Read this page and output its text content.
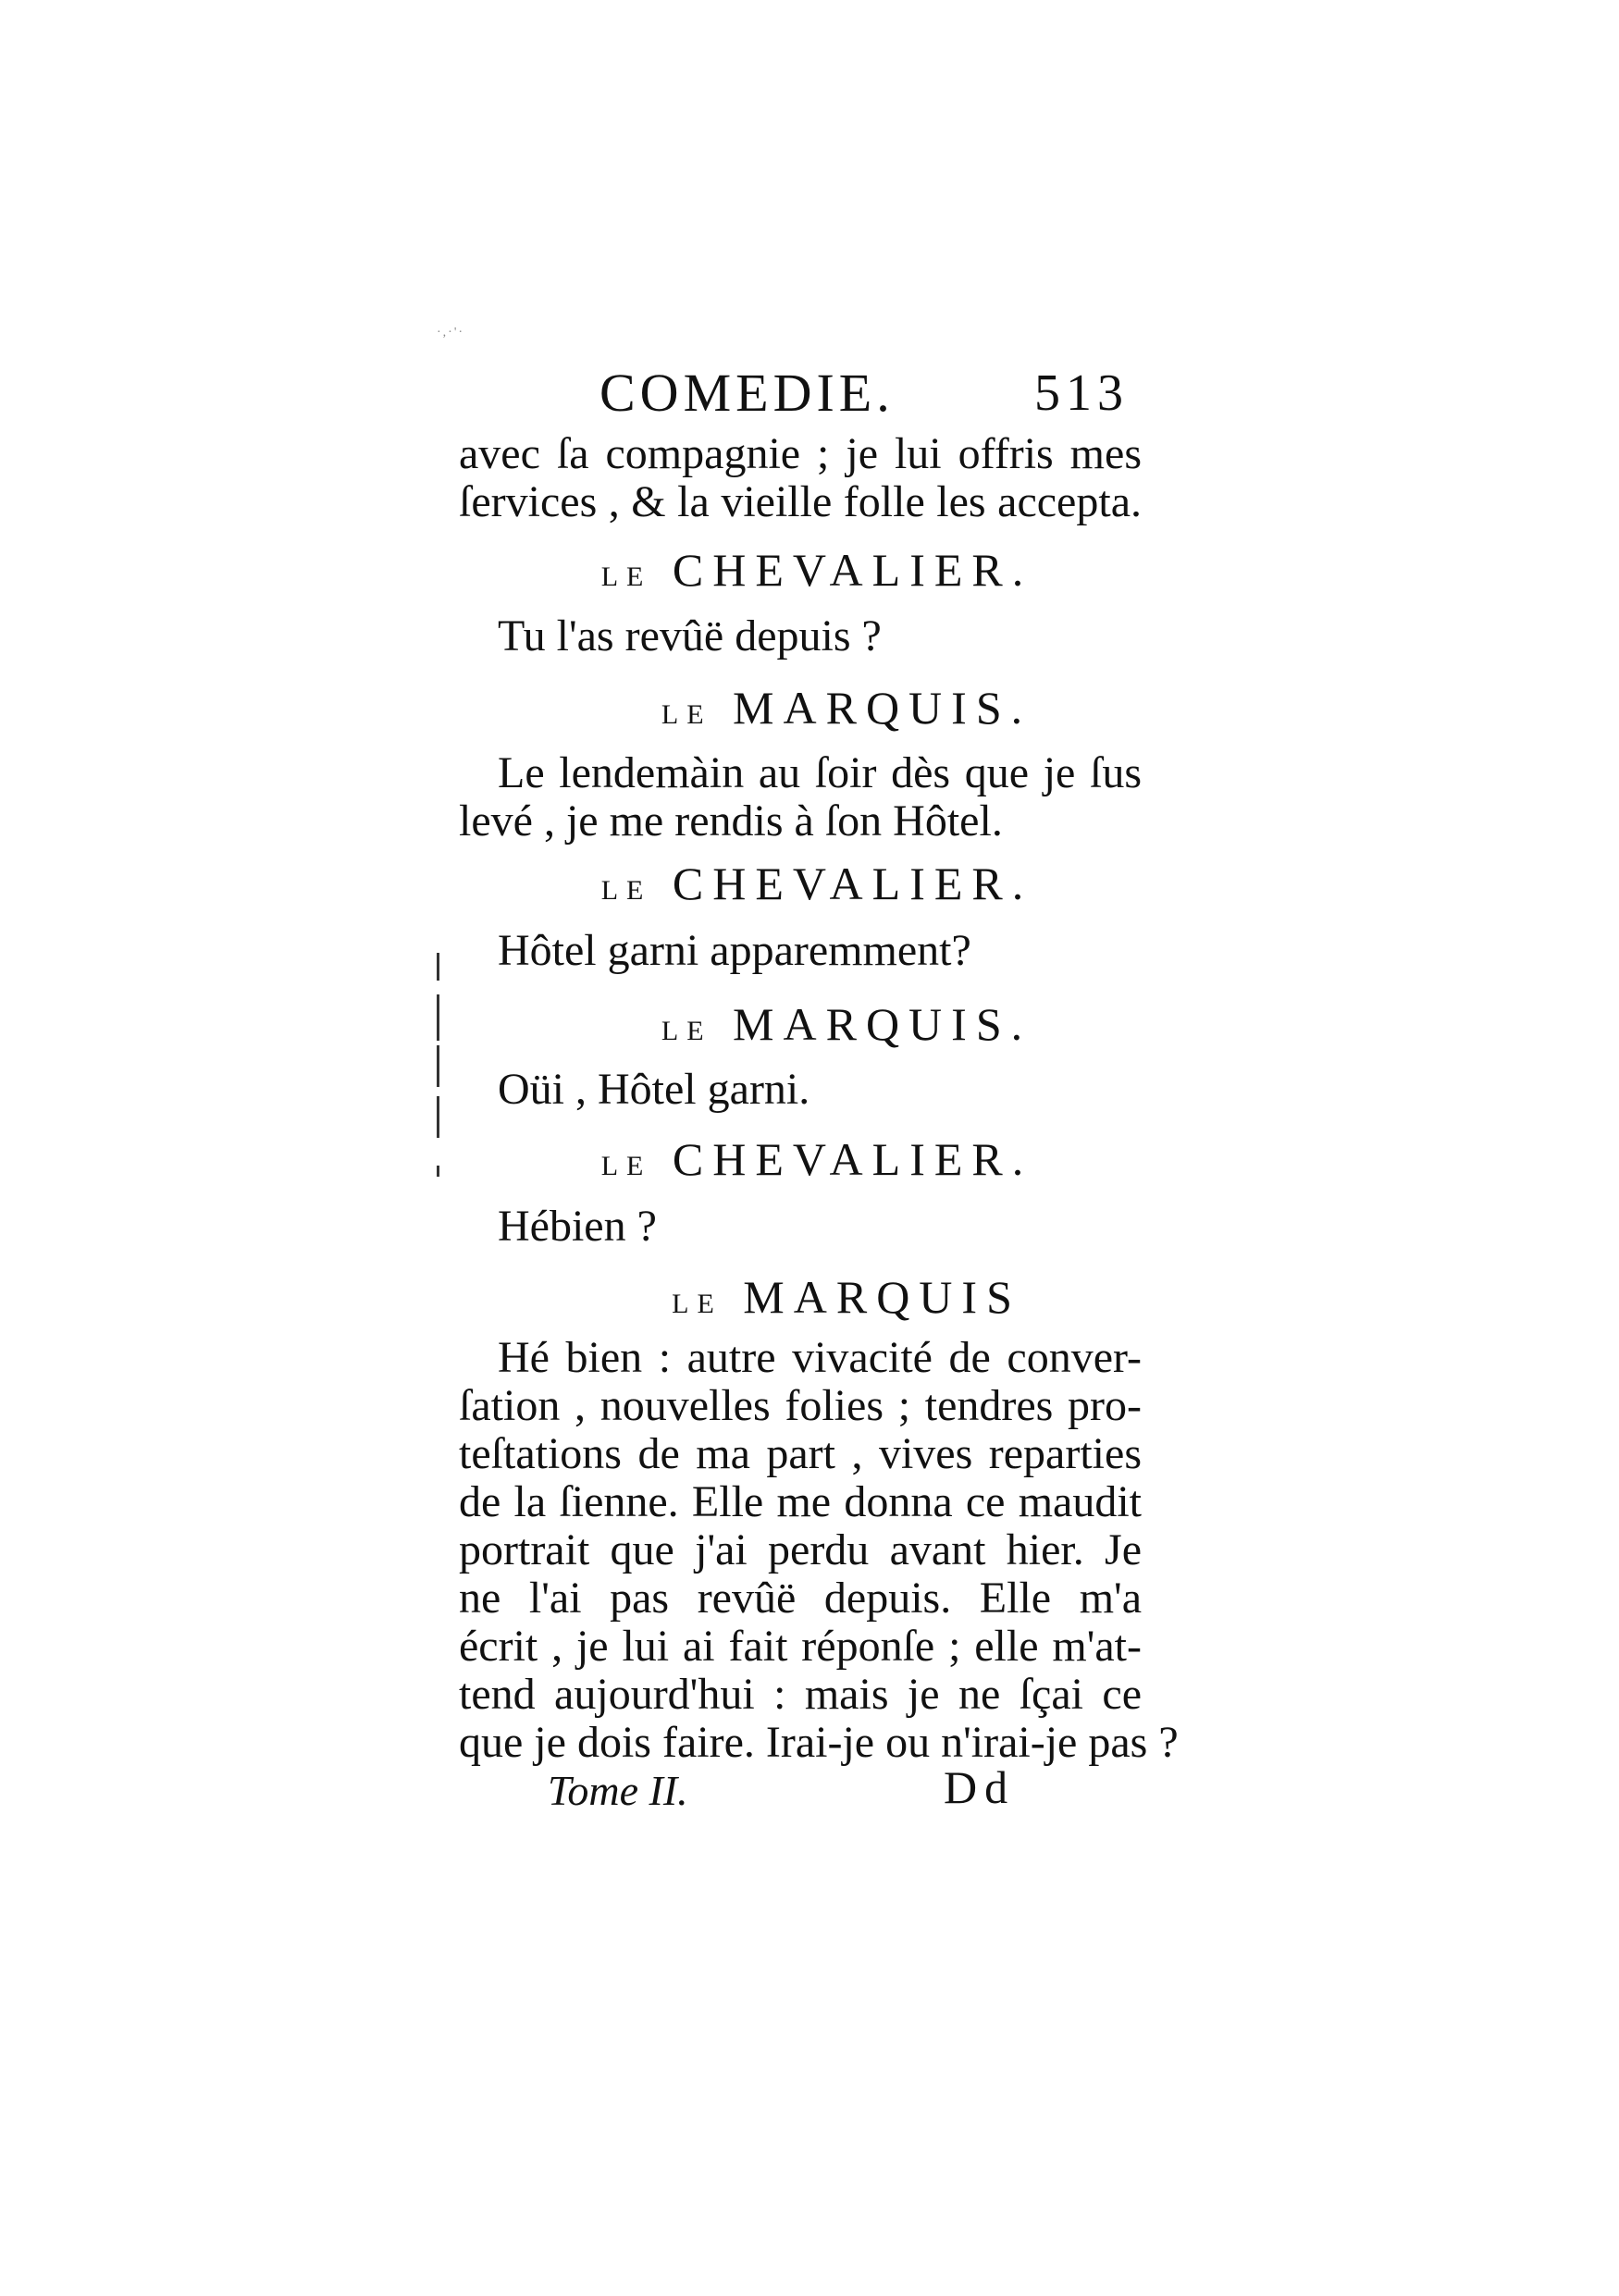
·,·'·
COMEDIE.	513
avec ſa compagnie ; je lui offris mes
ſervices , & la vieille folle les accepta.
LE CHEVALIER.
Tu l'as revûë depuis ?
LE MARQUIS.
Le lendemàin au ſoir dès que je ſus
levé , je me rendis à ſon Hôtel.
LE CHEVALIER.
Hôtel garni apparemment?
LE MARQUIS.
Oüi , Hôtel garni.
LE CHEVALIER.
Hébien ?
LE MARQUIS
Hé bien : autre vivacité de conver-
ſation , nouvelles folies ; tendres pro-
teſtations de ma part , vives reparties
de la ſienne. Elle me donna ce maudit
portrait que j'ai perdu avant hier. Je
ne l'ai pas revûë depuis. Elle m'a
écrit , je lui ai fait réponſe ; elle m'at-
tend aujourd'hui : mais je ne ſçai ce
que je dois faire. Irai-je ou n'irai-je pas ?
Tome II.	Dd
